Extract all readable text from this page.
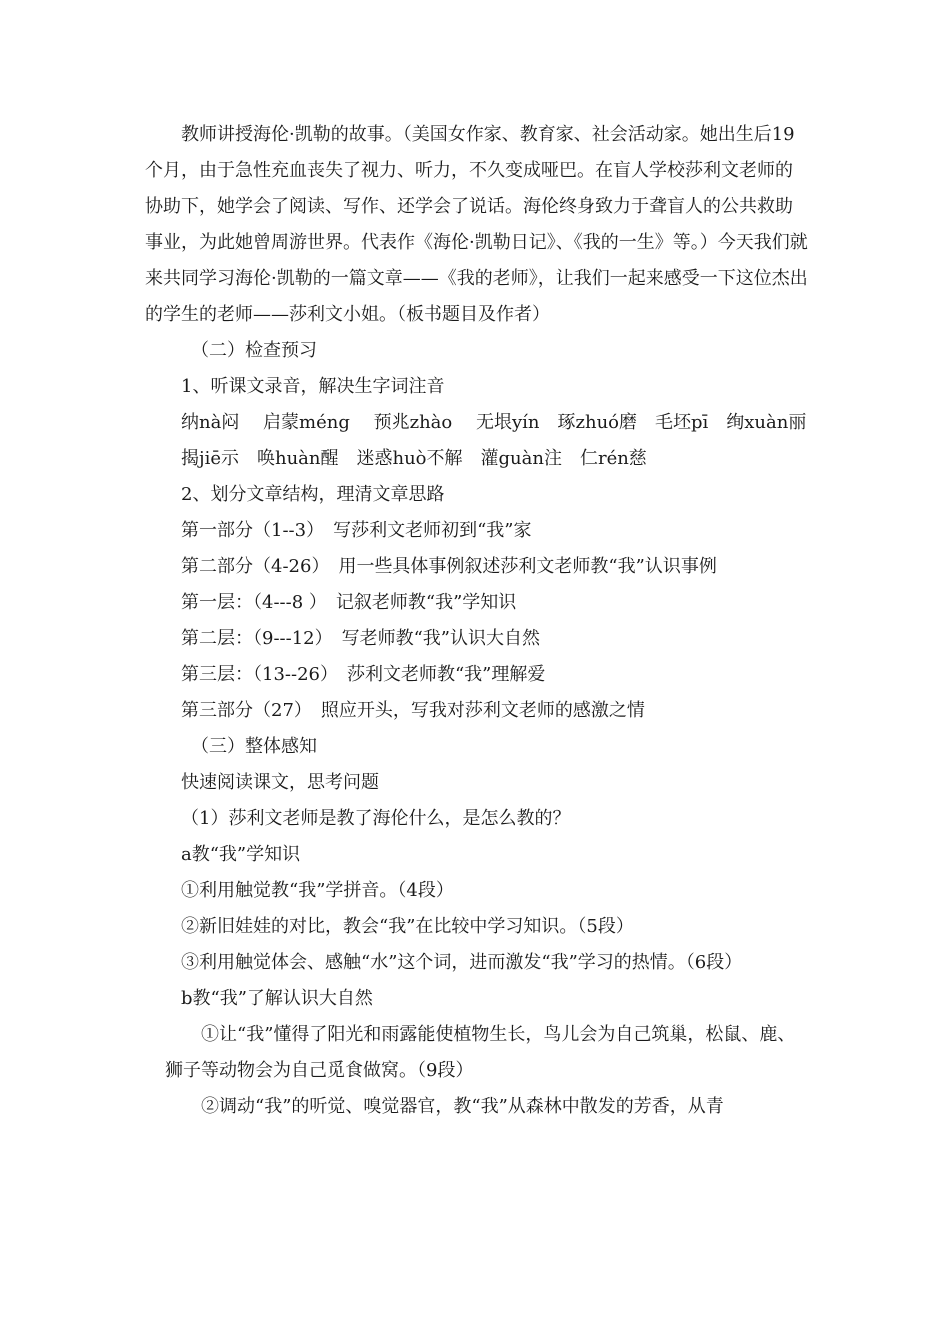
教师讲授海伦·凯勒的故事。（美国女作家、教育家、社会活动家。她出生后19个月，由于急性充血丧失了视力、听力，不久变成哑巴。在盲人学校莎利文老师的协助下，她学会了阅读、写作、还学会了说话。海伦终身致力于聋盲人的公共救助事业，为此她曾周游世界。代表作《海伦·凯勒日记》、《我的一生》等。）今天我们就来共同学习海伦·凯勒的一篇文章——《我的老师》，让我们一起来感受一下这位杰出的学生的老师——莎利文小姐。（板书题目及作者）

（二）检查预习

1、听课文录音，解决生字词注音

纳nà闷　 启蒙méng　 预兆zhào　 无垠yín　琢zhuó磨　毛坯pī　绚xuàn丽

揭jiē示　唤huàn醒　迷惑huò不解　灌guàn注　仁rén慈

2、划分文章结构，理清文章思路

第一部分（1--3）　写莎利文老师初到“我”家

第二部分（4-26）　用一些具体事例叙述莎利文老师教“我”认识事例

第一层：（4---8 ）　记叙老师教“我”学知识

第二层：（9---12）　写老师教“我”认识大自然

第三层：（13--26）　莎利文老师教“我”理解爱

第三部分（27）　照应开头，写我对莎利文老师的感激之情

（三）整体感知

快速阅读课文，思考问题

（1）莎利文老师是教了海伦什么，是怎么教的？

a教“我”学知识

①利用触觉教“我”学拼音。（4段）

②新旧娃娃的对比，教会“我”在比较中学习知识。（5段）

③利用触觉体会、感触“水”这个词，进而激发“我”学习的热情。（6段）

b教“我”了解认识大自然

①让“我”懂得了阳光和雨露能使植物生长，鸟儿会为自己筑巢，松鼠、鹿、狮子等动物会为自己觅食做窝。（9段）

②调动“我”的听觉、嗅觉器官，教“我”从森林中散发的芳香，从青
